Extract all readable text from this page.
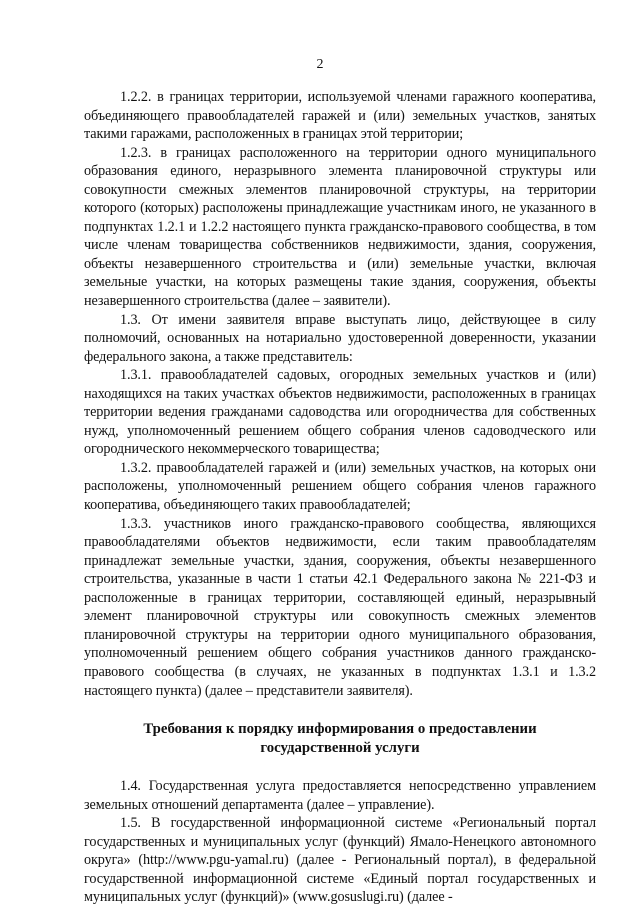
2

1.2.2. в границах территории, используемой членами гаражного кооператива, объединяющего правообладателей гаражей и (или) земельных участков, занятых такими гаражами, расположенных в границах этой территории;

1.2.3. в границах расположенного на территории одного муниципального образования единого, неразрывного элемента планировочной структуры или совокупности смежных элементов планировочной структуры, на территории которого (которых) расположены принадлежащие участникам иного, не указанного в подпунктах 1.2.1 и 1.2.2 настоящего пункта гражданско-правового сообщества, в том числе членам товарищества собственников недвижимости, здания, сооружения, объекты незавершенного строительства и (или) земельные участки, включая земельные участки, на которых размещены такие здания, сооружения, объекты незавершенного строительства (далее – заявители).

1.3. От имени заявителя вправе выступать лицо, действующее в силу полномочий, основанных на нотариально удостоверенной доверенности, указании федерального закона, а также представитель:

1.3.1. правообладателей садовых, огородных земельных участков и (или) находящихся на таких участках объектов недвижимости, расположенных в границах территории ведения гражданами садоводства или огородничества для собственных нужд, уполномоченный решением общего собрания членов садоводческого или огороднического некоммерческого товарищества;

1.3.2. правообладателей гаражей и (или) земельных участков, на которых они расположены, уполномоченный решением общего собрания членов гаражного кооператива, объединяющего таких правообладателей;

1.3.3. участников иного гражданско-правового сообщества, являющихся правообладателями объектов недвижимости, если таким правообладателям принадлежат земельные участки, здания, сооружения, объекты незавершенного строительства, указанные в части 1 статьи 42.1 Федерального закона № 221-ФЗ и расположенные в границах территории, составляющей единый, неразрывный элемент планировочной структуры или совокупность смежных элементов планировочной структуры на территории одного муниципального образования, уполномоченный решением общего собрания участников данного гражданско-правового сообщества (в случаях, не указанных в подпунктах 1.3.1 и 1.3.2 настоящего пункта) (далее – представители заявителя).

Требования к порядку информирования о предоставлении
государственной услуги

1.4. Государственная услуга предоставляется непосредственно управлением земельных отношений департамента (далее – управление).

1.5. В государственной информационной системе «Региональный портал государственных и муниципальных услуг (функций) Ямало-Ненецкого автономного округа» (http://www.pgu-yamal.ru) (далее - Региональный портал), в федеральной государственной информационной системе «Единый портал государственных и муниципальных услуг (функций)» (www.gosuslugi.ru) (далее -
